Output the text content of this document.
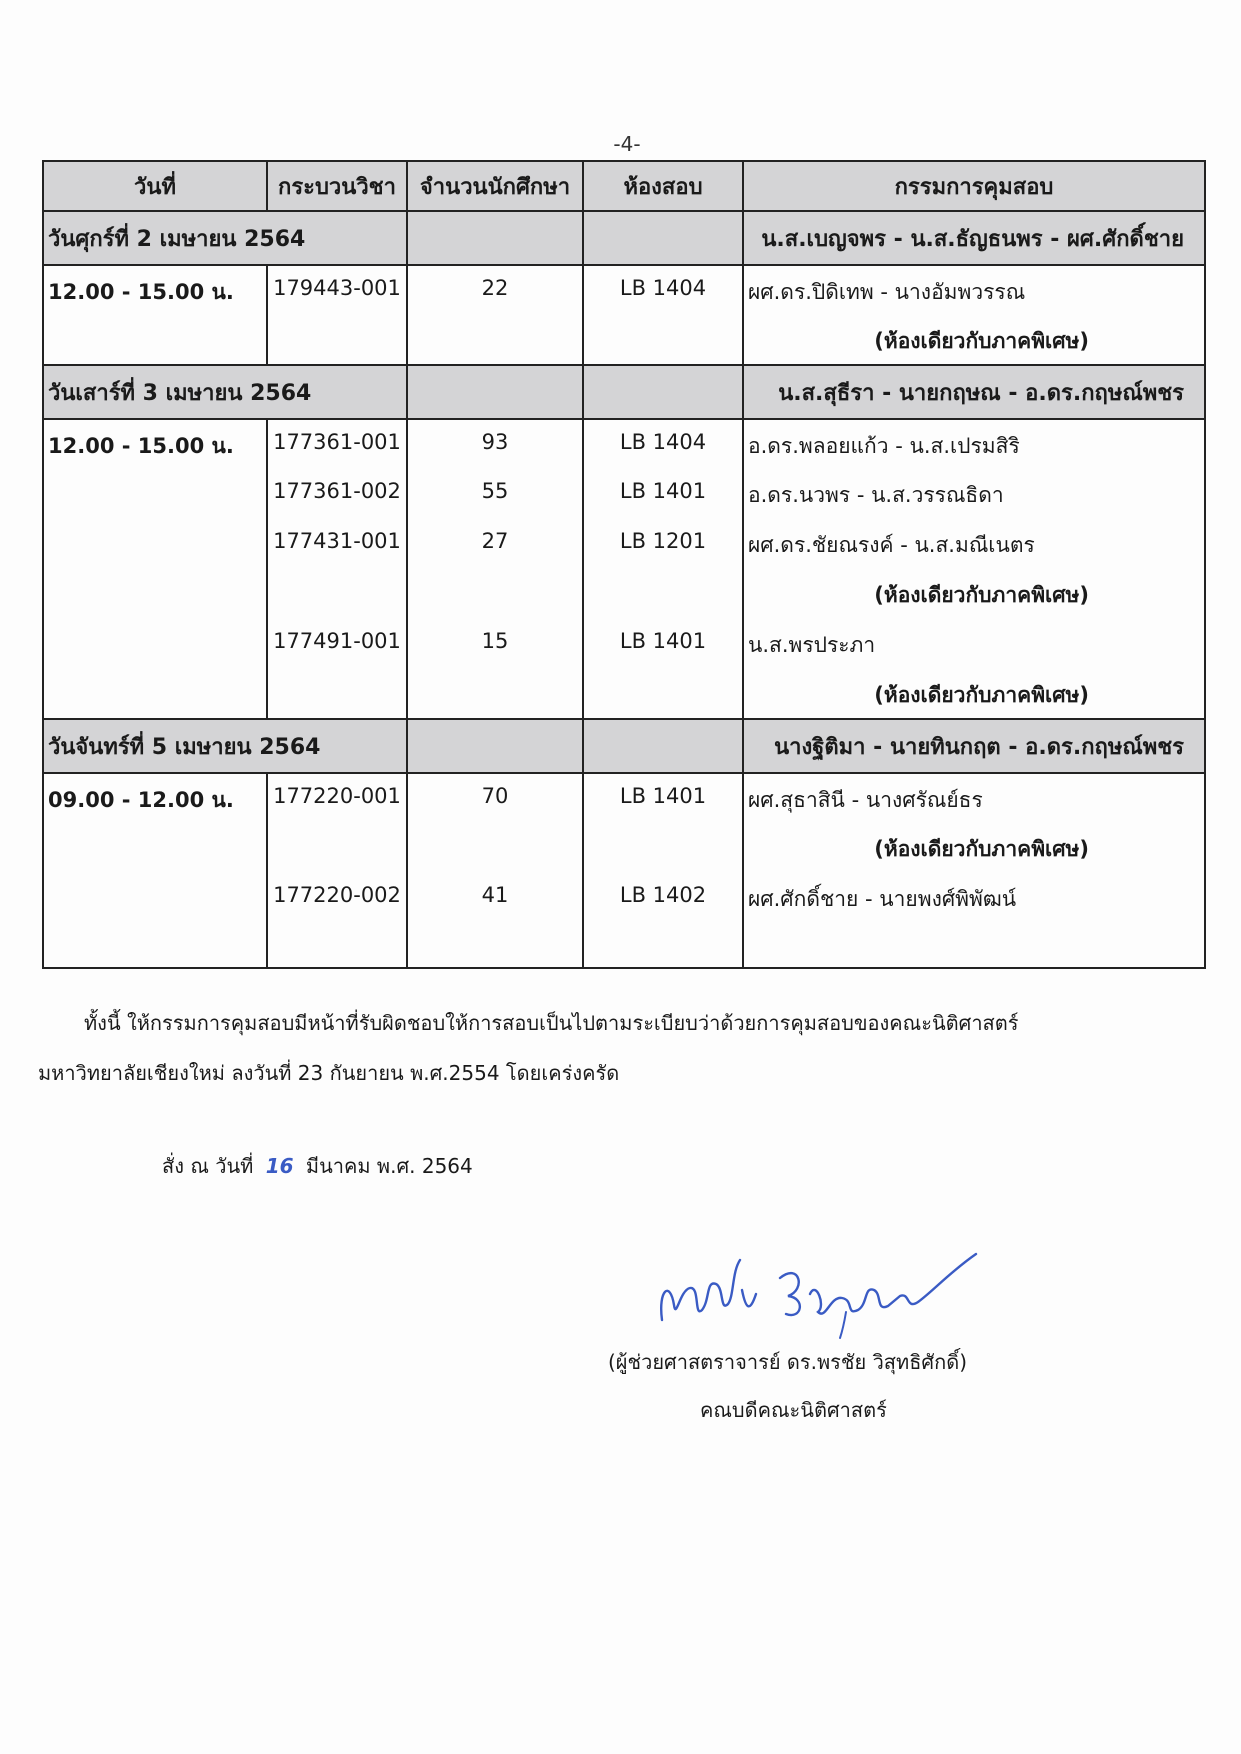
-4-
วันที่	กระบวนวิชา	จำนวนนักศึกษา	ห้องสอบ	กรรมการคุมสอบ
วันศุกร์ที่ 2 เมษายน 2564				น.ส.เบญจพร - น.ส.ธัญธนพร - ผศ.ศักดิ์ชาย
12.00 - 15.00 น.	179443-001	22	LB 1404	ผศ.ดร.ปิดิเทพ - นางอัมพวรรณ
				(ห้องเดียวกับภาคพิเศษ)
วันเสาร์ที่ 3 เมษายน 2564				น.ส.สุธีรา - นายกฤษณ - อ.ดร.กฤษณ์พชร
12.00 - 15.00 น.	177361-001	93	LB 1404	อ.ดร.พลอยแก้ว - น.ส.เปรมสิริ
	177361-002	55	LB 1401	อ.ดร.นวพร - น.ส.วรรณธิดา
	177431-001	27	LB 1201	ผศ.ดร.ชัยณรงค์ - น.ส.มณีเนตร
				(ห้องเดียวกับภาคพิเศษ)
	177491-001	15	LB 1401	น.ส.พรประภา
				(ห้องเดียวกับภาคพิเศษ)
วันจันทร์ที่ 5 เมษายน 2564				นางฐิติมา - นายทินกฤต - อ.ดร.กฤษณ์พชร
09.00 - 12.00 น.	177220-001	70	LB 1401	ผศ.สุธาสินี - นางศรัณย์ธร
				(ห้องเดียวกับภาคพิเศษ)
	177220-002	41	LB 1402	ผศ.ศักดิ์ชาย - นายพงศ์พิพัฒน์

ทั้งนี้ ให้กรรมการคุมสอบมีหน้าที่รับผิดชอบให้การสอบเป็นไปตามระเบียบว่าด้วยการคุมสอบของคณะนิติศาสตร์
มหาวิทยาลัยเชียงใหม่ ลงวันที่ 23 กันยายน พ.ศ.2554 โดยเคร่งครัด
สั่ง ณ วันที่ 16 มีนาคม พ.ศ. 2564
(ผู้ช่วยศาสตราจารย์ ดร.พรชัย วิสุทธิศักดิ์)
คณบดีคณะนิติศาสตร์
